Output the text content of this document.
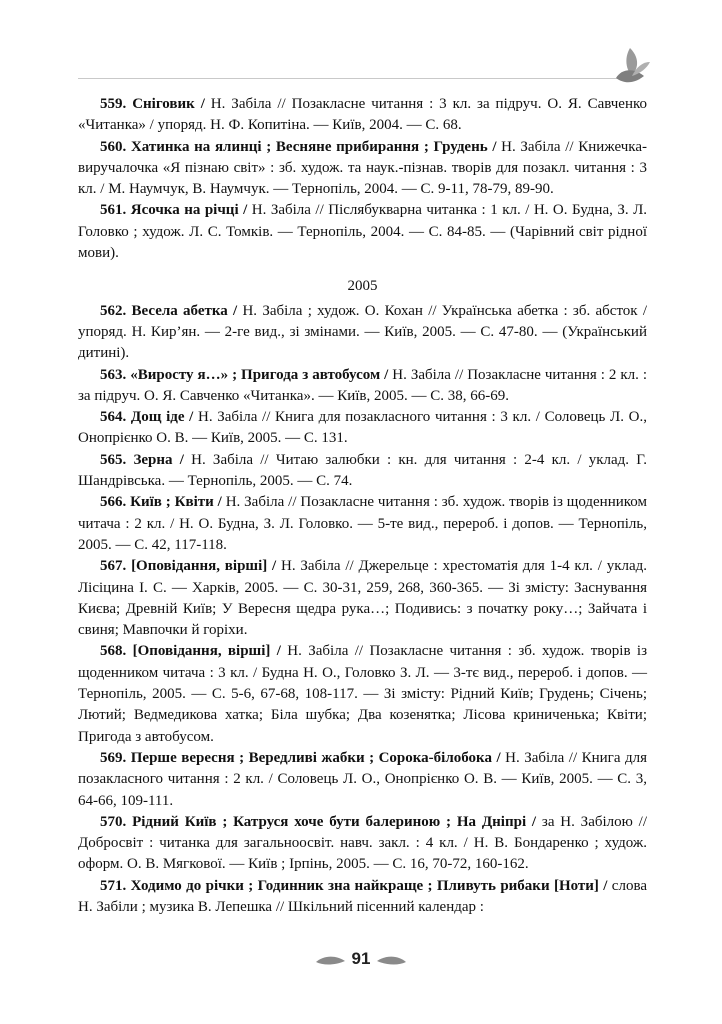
559. Сніговик / Н. Забіла // Позакласне читання : 3 кл. за підруч. О. Я. Савченко «Читанка» / упоряд. Н. Ф. Копитіна. — Київ, 2004. — С. 68.

560. Хатинка на ялинці ; Весняне прибирання ; Грудень / Н. Забіла // Книжечка-виручалочка «Я пізнаю світ» : зб. худож. та наук.-пізнав. творів для позакл. читання : 3 кл. / М. Наумчук, В. Наумчук. — Тернопіль, 2004. — С. 9-11, 78-79, 89-90.

561. Ясочка на річці / Н. Забіла // Післябукварна читанка : 1 кл. / Н. О. Будна, З. Л. Головко ; худож. Л. С. Томків. — Тернопіль, 2004. — С. 84-85. — (Чарівний світ рідної мови).

2005

562. Весела абетка / Н. Забіла ; худож. О. Кохан // Українська абетка : зб. абсток / упоряд. Н. Кир’ян. — 2-ге вид., зі змінами. — Київ, 2005. — С. 47-80. — (Український дитині).

563. «Виросту я…» ; Пригода з автобусом / Н. Забіла // Позакласне читання : 2 кл. : за підруч. О. Я. Савченко «Читанка». — Київ, 2005. — С. 38, 66-69.

564. Дощ іде / Н. Забіла // Книга для позакласного читання : 3 кл. / Соловець Л. О., Онопрієнко О. В. — Київ, 2005. — С. 131.

565. Зерна / Н. Забіла // Читаю залюбки : кн. для читання : 2-4 кл. / уклад. Г. Шандрівська. — Тернопіль, 2005. — С. 74.

566. Київ ; Квіти / Н. Забіла // Позакласне читання : зб. худож. творів із щоденником читача : 2 кл. / Н. О. Будна, З. Л. Головко. — 5-те вид., перероб. і допов. — Тернопіль, 2005. — С. 42, 117-118.

567. [Оповідання, вірші] / Н. Забіла // Джерельце : хрестоматія для 1-4 кл. / уклад. Лісіцина І. С. — Харків, 2005. — С. 30-31, 259, 268, 360-365. — Зі змісту: Заснування Києва; Древній Київ; У Вересня щедра рука…; Подивись: з початку року…; Зайчата і свиня; Мавпочки й горіхи.

568. [Оповідання, вірші] / Н. Забіла // Позакласне читання : зб. худож. творів із щоденником читача : 3 кл. / Будна Н. О., Головко З. Л. — 3-тє вид., перероб. і допов. — Тернопіль, 2005. — С. 5-6, 67-68, 108-117. — Зі змісту: Рідний Київ; Грудень; Січень; Лютий; Ведмедикова хатка; Біла шубка; Два козенятка; Лісова криниченька; Квіти; Пригода з автобусом.

569. Перше вересня ; Вередливі жабки ; Сорока-білобока / Н. Забіла // Книга для позакласного читання : 2 кл. / Соловець Л. О., Онопрієнко О. В. — Київ, 2005. — С. 3, 64-66, 109-111.

570. Рідний Київ ; Катруся хоче бути балериною ; На Дніпрі / за Н. Забілою // Добросвіт : читанка для загальноосвіт. навч. закл. : 4 кл. / Н. В. Бондаренко ; худож. оформ. О. В. Мягкової. — Київ ; Ірпінь, 2005. — С. 16, 70-72, 160-162.

571. Ходимо до річки ; Годинник зна найкраще ; Пливуть рибаки [Ноти] / слова Н. Забіли ; музика В. Лепешка // Шкільний пісенний календар :

91
